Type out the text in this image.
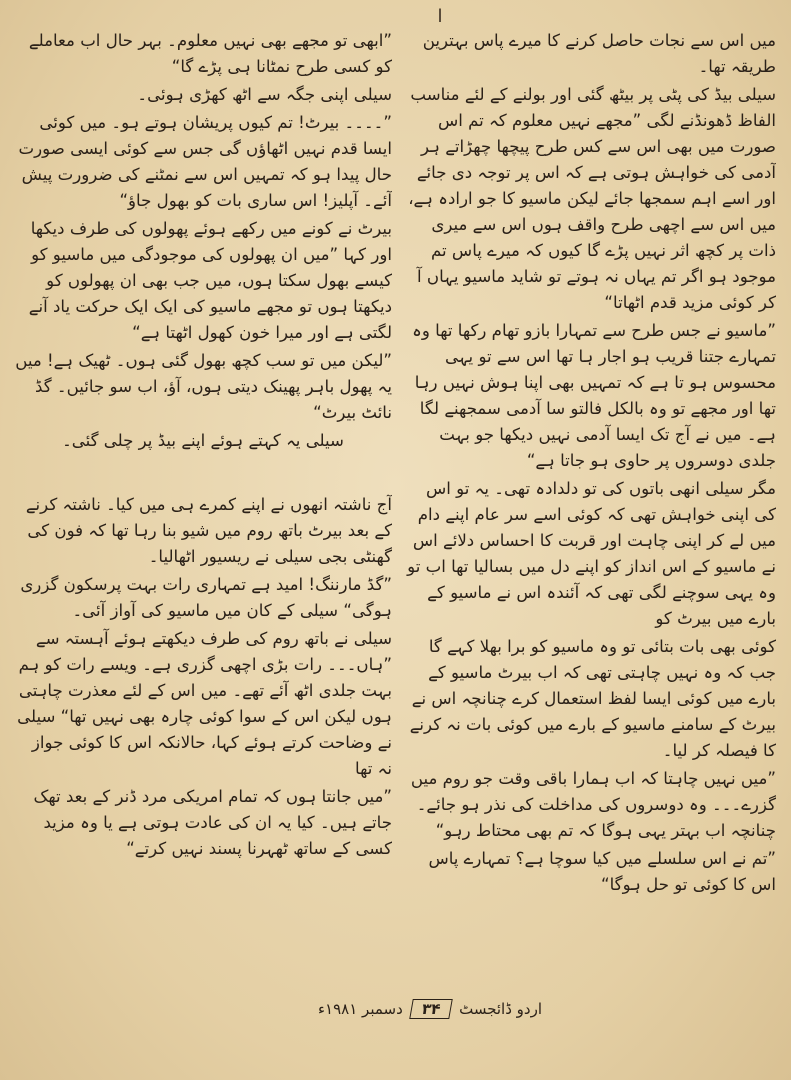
ا

میں اس سے نجات حاصل کرنے کا میرے پاس بہترین طریقہ تھا۔

سیلی بیڈ کی پٹی پر بیٹھ گئی اور بولنے کے لئے مناسب الفاظ ڈھونڈنے لگی ”مجھے نہیں معلوم کہ تم اس صورت میں بھی اس سے کس طرح پیچھا چھڑاتے ہر آدمی کی خواہش ہوتی ہے کہ اس پر توجہ دی جائے اور اسے اہم سمجھا جائے لیکن ماسیو کا جو ارادہ ہے، میں اس سے اچھی طرح واقف ہوں اس سے میری ذات پر کچھ اثر نہیں پڑے گا کیوں کہ میرے پاس تم موجود ہو اگر تم یہاں نہ ہوتے تو شاید ماسیو یہاں آ کر کوئی مزید قدم اٹھاتا“

”ماسیو نے جس طرح سے تمہارا بازو تھام رکھا تھا وہ تمہارے جتنا قریب ہو اجار ہا تھا اس سے تو یہی محسوس ہو تا ہے کہ تمہیں بھی اپنا ہوش نہیں رہا تھا اور مجھے تو وہ بالکل فالتو سا آدمی سمجھنے لگا ہے۔ میں نے آج تک ایسا آدمی نہیں دیکھا جو بہت جلدی دوسروں پر حاوی ہو جاتا ہے“

مگر سیلی انھی باتوں کی تو دلدادہ تھی۔ یہ تو اس کی اپنی خواہش تھی کہ کوئی اسے سر عام اپنے دام میں لے کر اپنی چاہت اور قربت کا احساس دلائے اس نے ماسیو کے اس انداز کو اپنے دل میں بسالیا تھا اب تو وہ یہی سوچنے لگی تھی کہ آئندہ اس نے ماسیو کے بارے میں بیرٹ کو

کوئی بھی بات بتائی تو وہ ماسیو کو برا بھلا کہے گا جب کہ وہ نہیں چاہتی تھی کہ اب بیرٹ ماسیو کے بارے میں کوئی ایسا لفظ استعمال کرے چنانچہ اس نے بیرٹ کے سامنے ماسیو کے بارے میں کوئی بات نہ کرنے کا فیصلہ کر لیا۔

”میں نہیں چاہتا کہ اب ہمارا باقی وقت جو روم میں گزرے۔۔۔ وہ دوسروں کی مداخلت کی نذر ہو جائے۔ چنانچہ اب بہتر یہی ہوگا کہ تم بھی محتاط رہو“

”تم نے اس سلسلے میں کیا سوچا ہے؟ تمہارے پاس اس کا کوئی تو حل ہوگا“

”ابھی تو مجھے بھی نہیں معلوم۔ بہر حال اب معاملے کو کسی طرح نمٹانا ہی پڑے گا“

سیلی اپنی جگہ سے اٹھ کھڑی ہوئی۔

”۔۔۔۔ بیرٹ! تم کیوں پریشان ہوتے ہو۔ میں کوئی ایسا قدم نہیں اٹھاؤں گی جس سے کوئی ایسی صورت حال پیدا ہو کہ تمہیں اس سے نمٹنے کی ضرورت پیش آئے۔ آپلیز! اس ساری بات کو بھول جاؤ“

بیرٹ نے کونے میں رکھے ہوئے پھولوں کی طرف دیکھا اور کہا ”میں ان پھولوں کی موجودگی میں ماسیو کو کیسے بھول سکتا ہوں، میں جب بھی ان پھولوں کو دیکھتا ہوں تو مجھے ماسیو کی ایک ایک حرکت یاد آنے لگتی ہے اور میرا خون کھول اٹھتا ہے“

”لیکن میں تو سب کچھ بھول گئی ہوں۔ ٹھیک ہے! میں یہ پھول باہر پھینک دیتی ہوں، آؤ، اب سو جائیں۔ گڈ نائٹ بیرٹ“

سیلی یہ کہتے ہوئے اپنے بیڈ پر چلی گئی۔

آج ناشتہ انھوں نے اپنے کمرے ہی میں کیا۔ ناشتہ کرنے کے بعد بیرٹ باتھ روم میں شیو بنا رہا تھا کہ فون کی گھنٹی بجی سیلی نے ریسیور اٹھالیا۔

”گڈ مارننگ! امید ہے تمہاری رات بہت پرسکون گزری ہوگی“ سیلی کے کان میں ماسیو کی آواز آئی۔

سیلی نے باتھ روم کی طرف دیکھتے ہوئے آہستہ سے ”ہاں۔۔۔ رات بڑی اچھی گزری ہے۔ ویسے رات کو ہم بہت جلدی اٹھ آئے تھے۔ میں اس کے لئے معذرت چاہتی ہوں لیکن اس کے سوا کوئی چارہ بھی نہیں تھا“ سیلی نے وضاحت کرتے ہوئے کہا، حالانکہ اس کا کوئی جواز نہ تھا

”میں جانتا ہوں کہ تمام امریکی مرد ڈنر کے بعد تھک جاتے ہیں۔ کیا یہ ان کی عادت ہوتی ہے یا وہ مزید کسی کے ساتھ ٹھہرنا پسند نہیں کرتے“

اردو ڈائجسٹ
۳۴
دسمبر ۱۹۸۱ء
